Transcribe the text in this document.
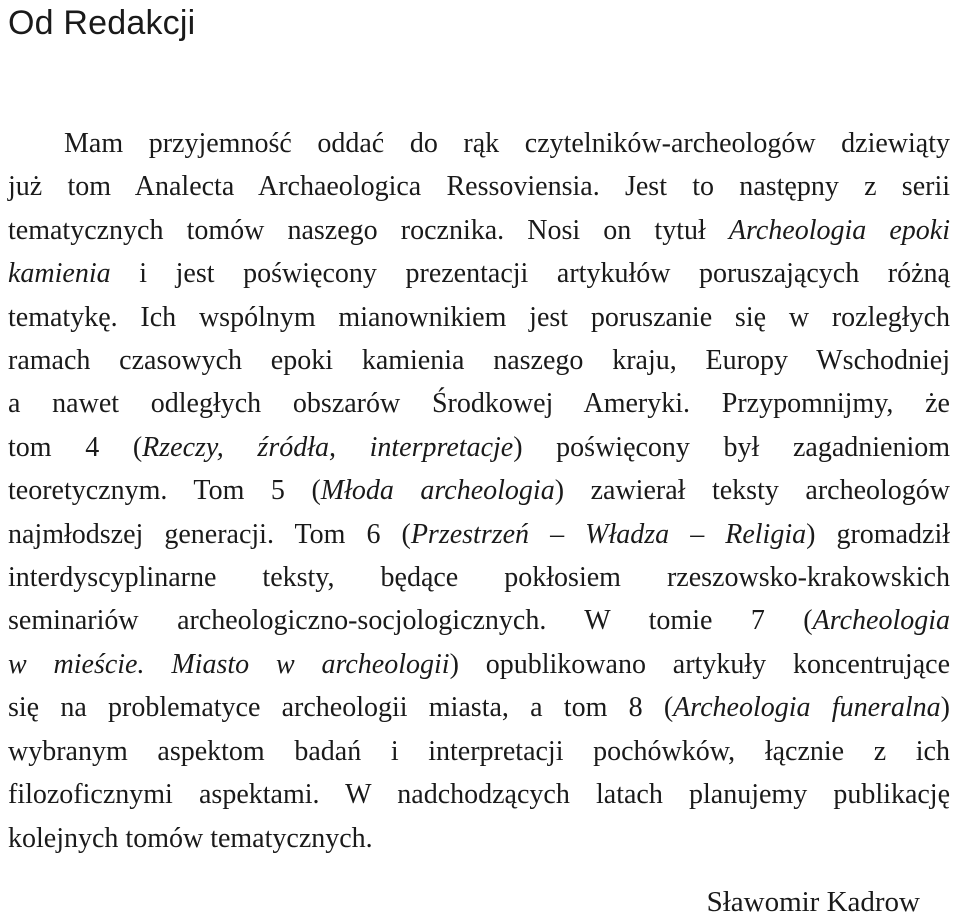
Od Redakcji
Mam przyjemność oddać do rąk czytelników-archeologów dziewiąty
już tom Analecta Archaeologica Ressoviensia. Jest to następny z serii
tematycznych tomów naszego rocznika. Nosi on tytuł Archeologia epoki
kamienia i jest poświęcony prezentacji artykułów poruszających różną
tematykę. Ich wspólnym mianownikiem jest poruszanie się w rozległych
ramach czasowych epoki kamienia naszego kraju, Europy Wschodniej
a nawet odległych obszarów Środkowej Ameryki. Przypomnijmy, że
tom 4 (Rzeczy, źródła, interpretacje) poświęcony był zagadnieniom
teoretycznym. Tom 5 (Młoda archeologia) zawierał teksty archeologów
najmłodszej generacji. Tom 6 (Przestrzeń – Władza – Religia) gromadził
interdyscyplinarne teksty, będące pokłosiem rzeszowsko-krakowskich
seminariów archeologiczno-socjologicznych. W tomie 7 (Archeologia
w mieście. Miasto w archeologii) opublikowano artykuły koncentrujące
się na problematyce archeologii miasta, a tom 8 (Archeologia funeralna)
wybranym aspektom badań i interpretacji pochówków, łącznie z ich
filozoficznymi aspektami. W nadchodzących latach planujemy publikację
kolejnych tomów tematycznych.

Sławomir Kadrow
